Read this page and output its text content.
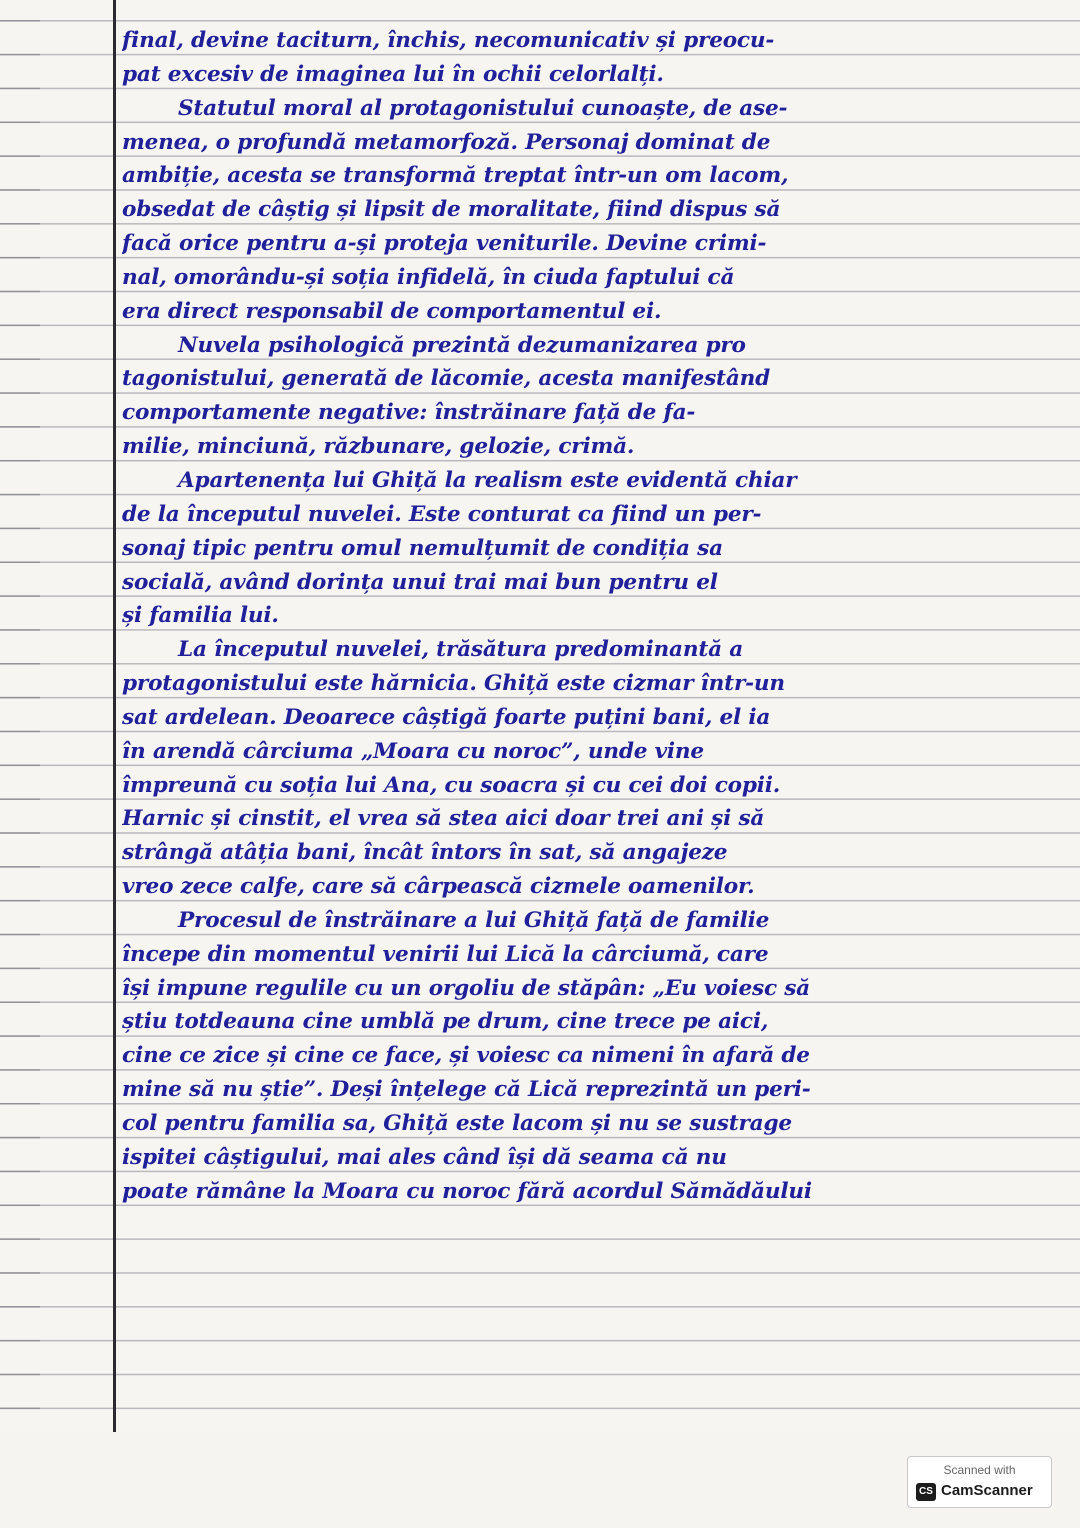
final, devine taciturn, închis, necomunicativ și preocu-
pat excesiv de imaginea lui în ochii celorlalți.
Statutul moral al protagonistului cunoaște, de ase-
menea, o profundă metamorfoză. Personaj dominat de
ambiție, acesta se transformă treptat într-un om lacom,
obsedat de câștig și lipsit de moralitate, fiind dispus să
facă orice pentru a-și proteja veniturile. Devine crimi-
nal, omorându-și soția infidelă, în ciuda faptului că
era direct responsabil de comportamentul ei.
Nuvela psihologică prezintă dezumanizarea pro
tagonistului, generată de lăcomie, acesta manifestând
comportamente negative: înstrăinare față de fa-
milie, minciună, răzbunare, gelozie, crimă.
Apartenența lui Ghiță la realism este evidentă chiar
de la începutul nuvelei. Este conturat ca fiind un per-
sonaj tipic pentru omul nemulțumit de condiția sa
socială, având dorința unui trai mai bun pentru el
și familia lui.
La începutul nuvelei, trăsătura predominantă a
protagonistului este hărnicia. Ghiță este cizmar într-un
sat ardelean. Deoarece câștigă foarte puțini bani, el ia
în arendă cârciuma „Moara cu noroc”, unde vine
împreună cu soția lui Ana, cu soacra și cu cei doi copii.
Harnic și cinstit, el vrea să stea aici doar trei ani și să
strângă atâția bani, încât întors în sat, să angajeze
vreo zece calfe, care să cârpească cizmele oamenilor.
Procesul de înstrăinare a lui Ghiță față de familie
începe din momentul venirii lui Lică la cârciumă, care
își impune regulile cu un orgoliu de stăpân: „Eu voiesc să
știu totdeauna cine umblă pe drum, cine trece pe aici,
cine ce zice și cine ce face, și voiesc ca nimeni în afară de
mine să nu știe”. Deși înțelege că Lică reprezintă un peri-
col pentru familia sa, Ghiță este lacom și nu se sustrage
ispitei câștigului, mai ales când își dă seama că nu
poate rămâne la Moara cu noroc fără acordul Sămădăului
Scanned with
CS CamScanner
